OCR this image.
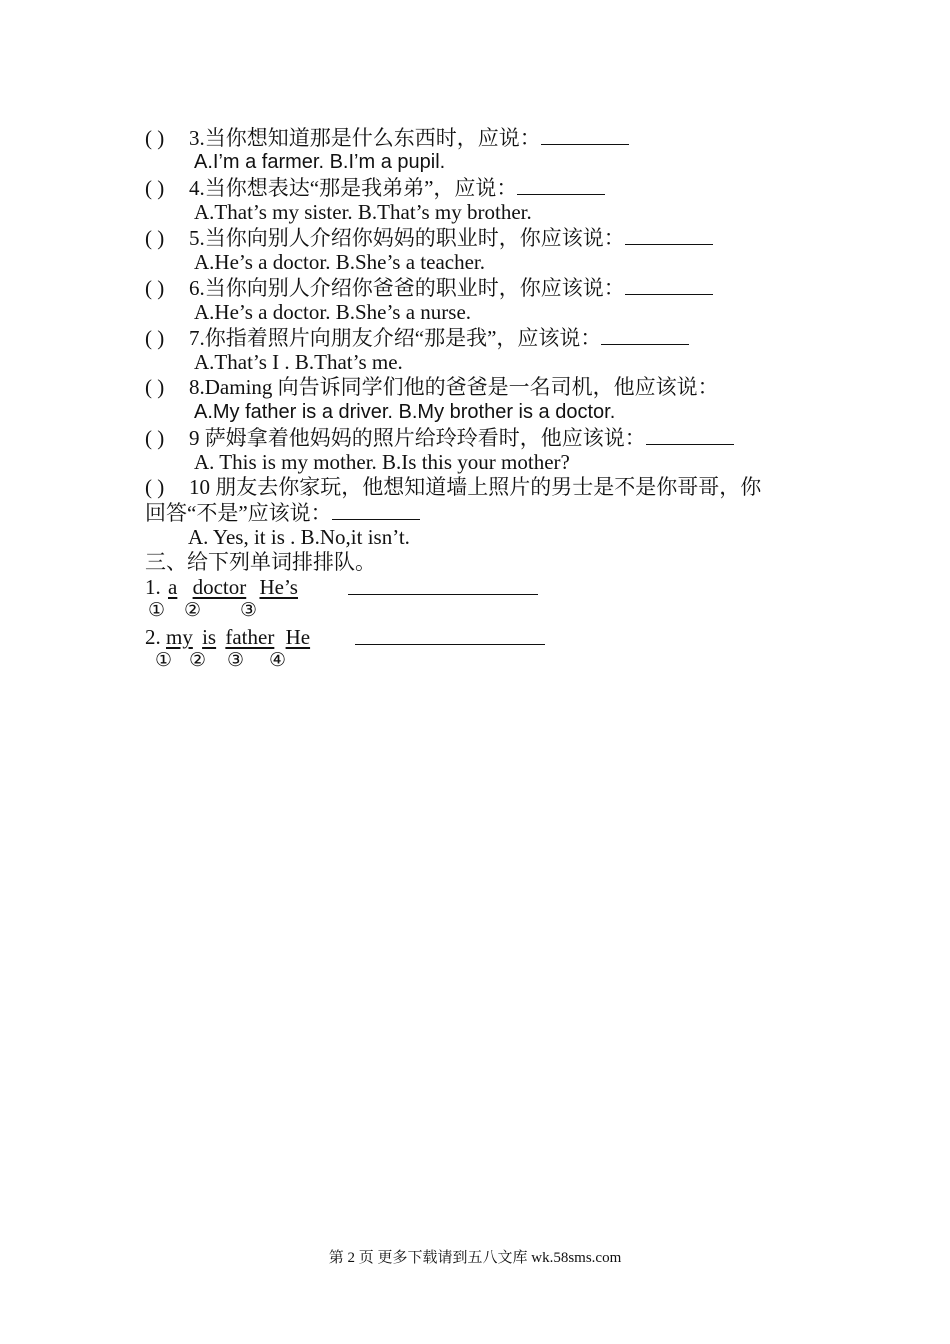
( ) 3.当你想知道那是什么东西时，应说：
A.I’m a farmer. B.I’m a pupil.
( ) 4.当你想表达“那是我弟弟”，应说：
A.That’s my sister. B.That’s my brother.
( ) 5.当你向别人介绍你妈妈的职业时，你应该说：
A.He’s a doctor. B.She’s a teacher.
( ) 6.当你向别人介绍你爸爸的职业时，你应该说：
A.He’s a doctor. B.She’s a nurse.
( ) 7.你指着照片向朋友介绍“那是我”，应该说：
A.That’s I . B.That’s me.
( ) 8.Daming 向告诉同学们他的爸爸是一名司机，他应该说：
A.My father is a driver. B.My brother is a doctor.
( ) 9 萨姆拿着他妈妈的照片给玲玲看时，他应该说：
A. This is my mother. B.Is this your mother?
( ) 10 朋友去你家玩，他想知道墙上照片的男士是不是你哥哥，你
回答“不是”应该说：
A. Yes, it is . B.No,it isn’t.
三、给下列单词排排队。
1. a doctor He’s
① ② ③
2. my is father He
① ② ③ ④
第 2 页 更多下载请到五八文库 wk.58sms.com
